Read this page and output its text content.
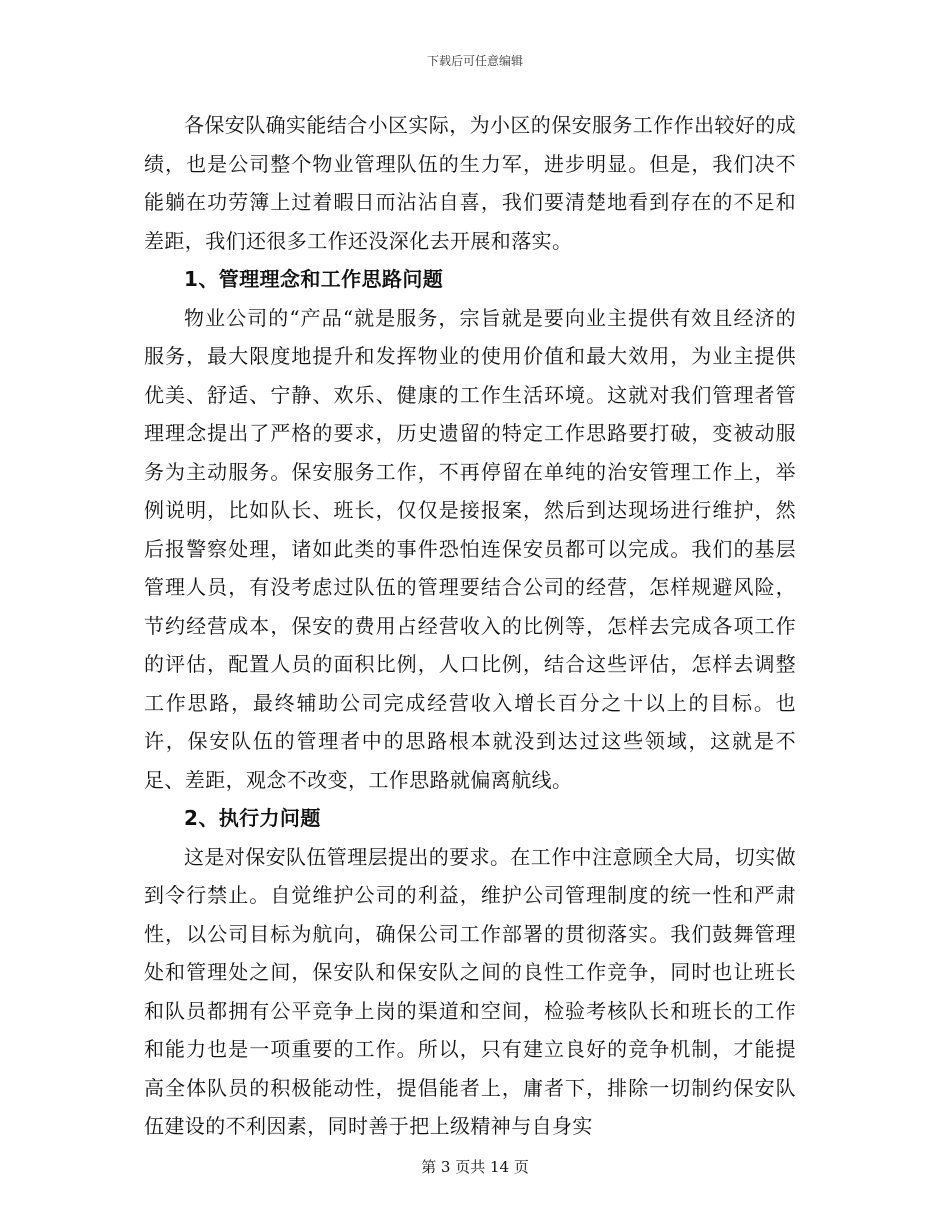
下载后可任意编辑

各保安队确实能结合小区实际，为小区的保安服务工作作出较好的成绩，也是公司整个物业管理队伍的生力军，进步明显。但是，我们决不能躺在功劳簿上过着暇日而沾沾自喜，我们要清楚地看到存在的不足和差距，我们还很多工作还没深化去开展和落实。

1、管理理念和工作思路问题

物业公司的“产品“就是服务，宗旨就是要向业主提供有效且经济的服务，最大限度地提升和发挥物业的使用价值和最大效用，为业主提供优美、舒适、宁静、欢乐、健康的工作生活环境。这就对我们管理者管理理念提出了严格的要求，历史遗留的特定工作思路要打破，变被动服务为主动服务。保安服务工作，不再停留在单纯的治安管理工作上，举例说明，比如队长、班长，仅仅是接报案，然后到达现场进行维护，然后报警察处理，诸如此类的事件恐怕连保安员都可以完成。我们的基层管理人员，有没考虑过队伍的管理要结合公司的经营，怎样规避风险，节约经营成本，保安的费用占经营收入的比例等，怎样去完成各项工作的评估，配置人员的面积比例，人口比例，结合这些评估，怎样去调整工作思路，最终辅助公司完成经营收入增长百分之十以上的目标。也许，保安队伍的管理者中的思路根本就没到达过这些领域，这就是不足、差距，观念不改变，工作思路就偏离航线。

2、执行力问题

这是对保安队伍管理层提出的要求。在工作中注意顾全大局，切实做到令行禁止。自觉维护公司的利益，维护公司管理制度的统一性和严肃性，以公司目标为航向，确保公司工作部署的贯彻落实。我们鼓舞管理处和管理处之间，保安队和保安队之间的良性工作竞争，同时也让班长和队员都拥有公平竞争上岗的渠道和空间，检验考核队长和班长的工作和能力也是一项重要的工作。所以，只有建立良好的竞争机制，才能提高全体队员的积极能动性，提倡能者上，庸者下，排除一切制约保安队伍建设的不利因素，同时善于把上级精神与自身实

第 3 页共 14 页
